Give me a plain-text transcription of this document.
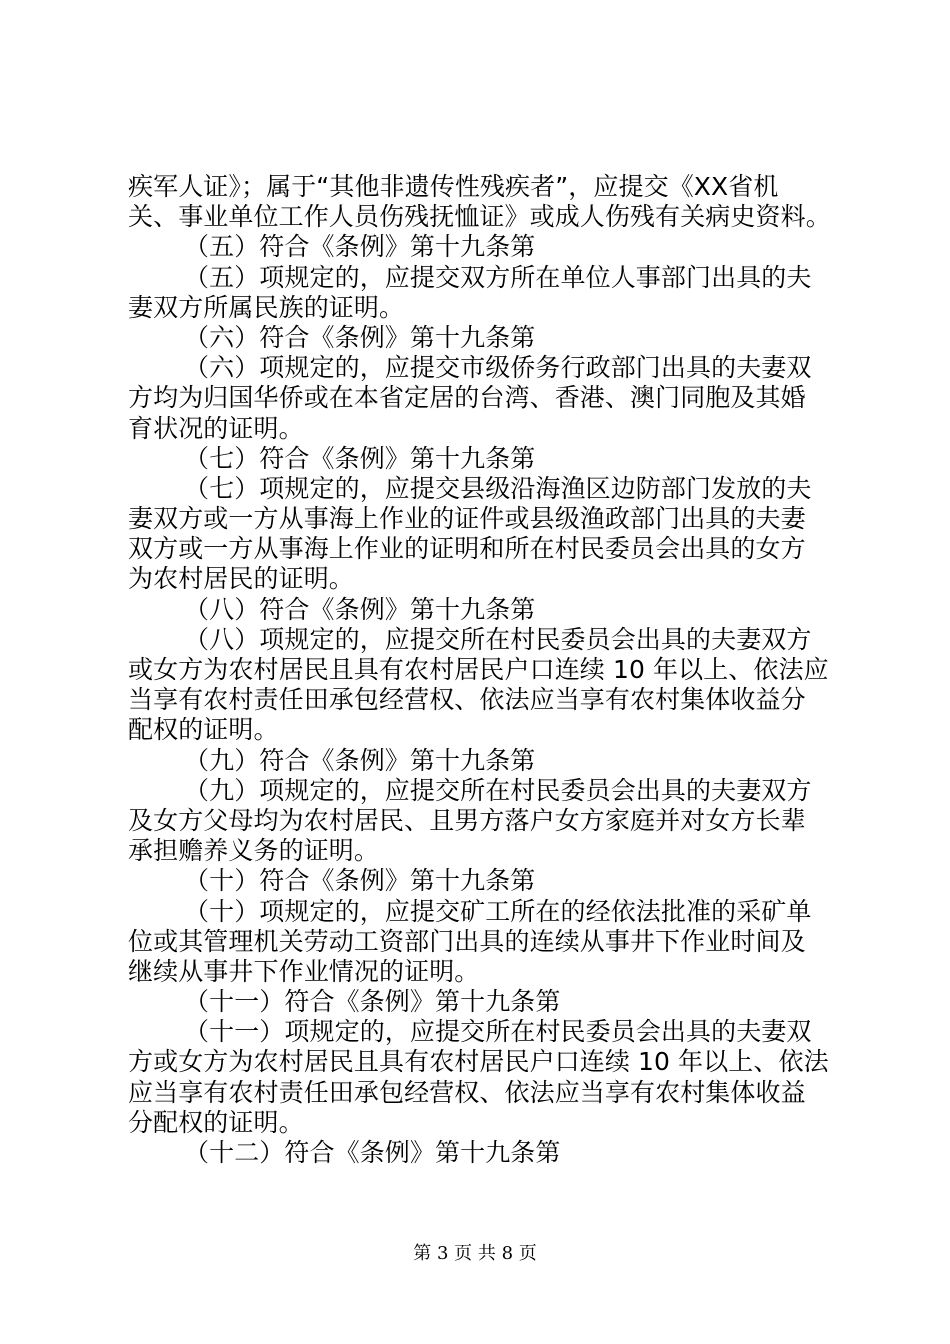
疾军人证》；属于“其他非遗传性残疾者”，应提交《XX省机
关、事业单位工作人员伤残抚恤证》或成人伤残有关病史资料。
（五）符合《条例》第十九条第
（五）项规定的，应提交双方所在单位人事部门出具的夫
妻双方所属民族的证明。
（六）符合《条例》第十九条第
（六）项规定的，应提交市级侨务行政部门出具的夫妻双
方均为归国华侨或在本省定居的台湾、香港、澳门同胞及其婚
育状况的证明。
（七）符合《条例》第十九条第
（七）项规定的，应提交县级沿海渔区边防部门发放的夫
妻双方或一方从事海上作业的证件或县级渔政部门出具的夫妻
双方或一方从事海上作业的证明和所在村民委员会出具的女方
为农村居民的证明。
（八）符合《条例》第十九条第
（八）项规定的，应提交所在村民委员会出具的夫妻双方
或女方为农村居民且具有农村居民户口连续 10 年以上、依法应
当享有农村责任田承包经营权、依法应当享有农村集体收益分
配权的证明。
（九）符合《条例》第十九条第
（九）项规定的，应提交所在村民委员会出具的夫妻双方
及女方父母均为农村居民、且男方落户女方家庭并对女方长辈
承担赡养义务的证明。
（十）符合《条例》第十九条第
（十）项规定的，应提交矿工所在的经依法批准的采矿单
位或其管理机关劳动工资部门出具的连续从事井下作业时间及
继续从事井下作业情况的证明。
（十一）符合《条例》第十九条第
（十一）项规定的，应提交所在村民委员会出具的夫妻双
方或女方为农村居民且具有农村居民户口连续 10 年以上、依法
应当享有农村责任田承包经营权、依法应当享有农村集体收益
分配权的证明。
（十二）符合《条例》第十九条第
第 3 页 共 8 页
